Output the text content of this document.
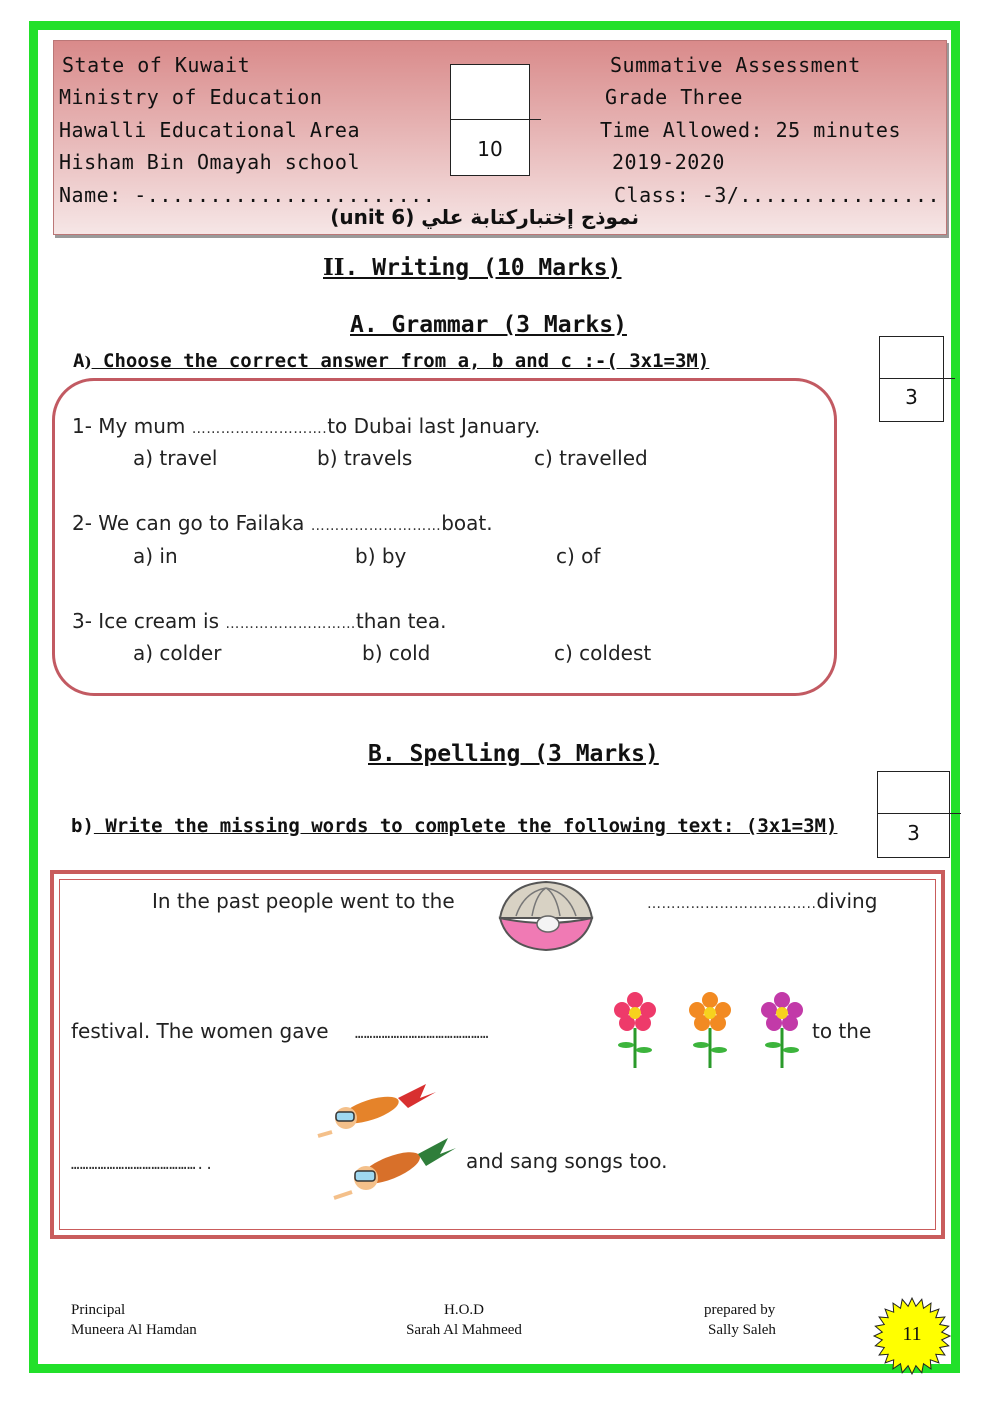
State of Kuwait
Ministry of Education
Hawalli Educational Area
Hisham Bin Omayah school
Name: -.......................
Summative Assessment
Grade Three
Time Allowed: 25 minutes
2019-2020
Class: -3/................
10
نموذج إختباركتابة علي (unit 6)
II. Writing (10 Marks)
A. Grammar (3 Marks)
A) Choose the correct answer from a, b and c :-( 3x1=3M)
3
1- My mum ……………………….to Dubai last January.
a) travel	b) travels	c) travelled
2- We can go to Failaka ………………………boat.
a) in	b) by	c) of
3- Ice cream is ………………………than tea.
a) colder	b) cold	c) coldest
B. Spelling (3 Marks)
b) Write the missing words to complete the following text: (3x1=3M)	3
In the past people went to the	……………………………..diving
festival. The women gave ………………………………………	to the
……………………………………..	and sang songs too.
Principal
Muneera Al Hamdan
H.O.D
Sarah Al Mahmeed
prepared by
Sally Saleh	11
